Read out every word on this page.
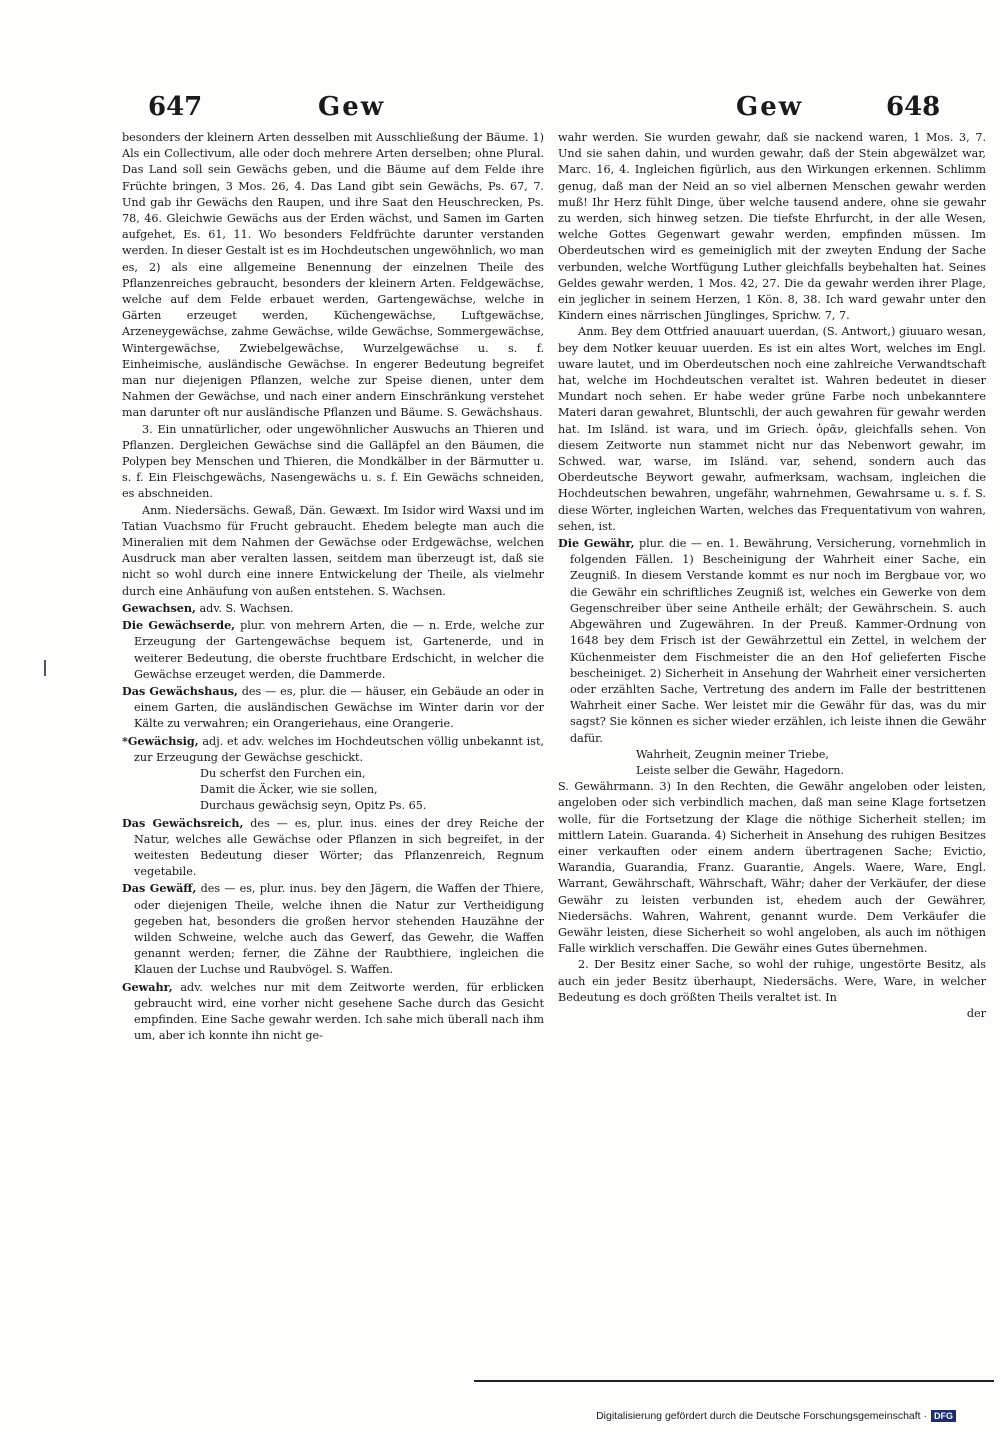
647	Gew	Gew	648

besonders der kleinern Arten desselben mit Ausschließung der Bäume. 1) Als ein Collectivum, alle oder doch mehrere Arten derselben; ohne Plural. Das Land soll sein Gewächs geben, und die Bäume auf dem Felde ihre Früchte bringen, 3 Mos. 26, 4. Das Land gibt sein Gewächs, Ps. 67, 7. Und gab ihr Gewächs den Raupen, und ihre Saat den Heuschrecken, Ps. 78, 46. Gleichwie Gewächs aus der Erden wächst, und Samen im Garten aufgehet, Es. 61, 11. Wo besonders Feldfrüchte darunter verstanden werden. In dieser Gestalt ist es im Hochdeutschen ungewöhnlich, wo man es, 2) als eine allgemeine Benennung der einzelnen Theile des Pflanzenreiches gebraucht, besonders der kleinern Arten. Feldgewächse, welche auf dem Felde erbauet werden, Gartengewächse, welche in Gärten erzeuget werden, Küchengewächse, Luftgewächse, Arzeneygewächse, zahme Gewächse, wilde Gewächse, Sommergewächse, Wintergewächse, Zwiebelgewächse, Wurzelgewächse u. s. f. Einheimische, ausländische Gewächse. In engerer Bedeutung begreifet man nur diejenigen Pflanzen, welche zur Speise dienen, unter dem Nahmen der Gewächse, und nach einer andern Einschränkung verstehet man darunter oft nur ausländische Pflanzen und Bäume. S. Gewächshaus.

3. Ein unnatürlicher, oder ungewöhnlicher Auswuchs an Thieren und Pflanzen. Dergleichen Gewächse sind die Galläpfel an den Bäumen, die Polypen bey Menschen und Thieren, die Mondkälber in der Bärmutter u. s. f. Ein Fleischgewächs, Nasengewächs u. s. f. Ein Gewächs schneiden, es abschneiden.

Anm. Niedersächs. Gewaß, Dän. Gewæxt. Im Isidor wird Waxsi und im Tatian Vuachsmo für Frucht gebraucht. Ehedem belegte man auch die Mineralien mit dem Nahmen der Gewächse oder Erdgewächse, welchen Ausdruck man aber veralten lassen, seitdem man überzeugt ist, daß sie nicht so wohl durch eine innere Entwickelung der Theile, als vielmehr durch eine Anhäufung von außen entstehen. S. Wachsen.

Gewachsen, adv. S. Wachsen.

Die Gewächserde, plur. von mehrern Arten, die — n. Erde, welche zur Erzeugung der Gartengewächse bequem ist, Gartenerde, und in weiterer Bedeutung, die oberste fruchtbare Erdschicht, in welcher die Gewächse erzeuget werden, die Dammerde.

Das Gewächshaus, des — es, plur. die — häuser, ein Gebäude an oder in einem Garten, die ausländischen Gewächse im Winter darin vor der Kälte zu verwahren; ein Orangeriehaus, eine Orangerie.

*Gewächsig, adj. et adv. welches im Hochdeutschen völlig unbekannt ist, zur Erzeugung der Gewächse geschickt.

Du scherfst den Furchen ein,

Damit die Äcker, wie sie sollen,

Durchaus gewächsig seyn, Opitz Ps. 65.

Das Gewächsreich, des — es, plur. inus. eines der drey Reiche der Natur, welches alle Gewächse oder Pflanzen in sich begreifet, in der weitesten Bedeutung dieser Wörter; das Pflanzenreich, Regnum vegetabile.

Das Gewäff, des — es, plur. inus. bey den Jägern, die Waffen der Thiere, oder diejenigen Theile, welche ihnen die Natur zur Vertheidigung gegeben hat, besonders die großen hervor stehenden Hauzähne der wilden Schweine, welche auch das Gewerf, das Gewehr, die Waffen genannt werden; ferner, die Zähne der Raubthiere, ingleichen die Klauen der Luchse und Raubvögel. S. Waffen.

Gewahr, adv. welches nur mit dem Zeitworte werden, für erblicken gebraucht wird, eine vorher nicht gesehene Sache durch das Gesicht empfinden. Eine Sache gewahr werden. Ich sahe mich überall nach ihm um, aber ich konnte ihn nicht ge-

wahr werden. Sie wurden gewahr, daß sie nackend waren, 1 Mos. 3, 7. Und sie sahen dahin, und wurden gewahr, daß der Stein abgewälzet war, Marc. 16, 4. Ingleichen figürlich, aus den Wirkungen erkennen. Schlimm genug, daß man der Neid an so viel albernen Menschen gewahr werden muß! Ihr Herz fühlt Dinge, über welche tausend andere, ohne sie gewahr zu werden, sich hinweg setzen. Die tiefste Ehrfurcht, in der alle Wesen, welche Gottes Gegenwart gewahr werden, empfinden müssen. Im Oberdeutschen wird es gemeiniglich mit der zweyten Endung der Sache verbunden, welche Wortfügung Luther gleichfalls beybehalten hat. Seines Geldes gewahr werden, 1 Mos. 42, 27. Die da gewahr werden ihrer Plage, ein jeglicher in seinem Herzen, 1 Kön. 8, 38. Ich ward gewahr unter den Kindern eines närrischen Jünglinges, Sprichw. 7, 7.

Anm. Bey dem Ottfried anauuart uuerdan, (S. Antwort,) giuuaro wesan, bey dem Notker keuuar uuerden. Es ist ein altes Wort, welches im Engl. uware lautet, und im Oberdeutschen noch eine zahlreiche Verwandtschaft hat, welche im Hochdeutschen veraltet ist. Wahren bedeutet in dieser Mundart noch sehen. Er habe weder grüne Farbe noch unbekanntere Materi daran gewahret, Bluntschli, der auch gewahren für gewahr werden hat. Im Isländ. ist wara, und im Griech. ὁρᾶν, gleichfalls sehen. Von diesem Zeitworte nun stammet nicht nur das Nebenwort gewahr, im Schwed. war, warse, im Isländ. var, sehend, sondern auch das Oberdeutsche Beywort gewahr, aufmerksam, wachsam, ingleichen die Hochdeutschen bewahren, ungefähr, wahrnehmen, Gewahrsame u. s. f. S. diese Wörter, ingleichen Warten, welches das Frequentativum von wahren, sehen, ist.

Die Gewähr, plur. die — en. 1. Bewährung, Versicherung, vornehmlich in folgenden Fällen. 1) Bescheinigung der Wahrheit einer Sache, ein Zeugniß. In diesem Verstande kommt es nur noch im Bergbaue vor, wo die Gewähr ein schriftliches Zeugniß ist, welches ein Gewerke von dem Gegenschreiber über seine Antheile erhält; der Gewährschein. S. auch Abgewähren und Zugewähren. In der Preuß. Kammer-Ordnung von 1648 bey dem Frisch ist der Gewährzettul ein Zettel, in welchem der Küchenmeister dem Fischmeister die an den Hof gelieferten Fische bescheiniget. 2) Sicherheit in Ansehung der Wahrheit einer versicherten oder erzählten Sache, Vertretung des andern im Falle der bestrittenen Wahrheit einer Sache. Wer leistet mir die Gewähr für das, was du mir sagst? Sie können es sicher wieder erzählen, ich leiste ihnen die Gewähr dafür.

Wahrheit, Zeugnin meiner Triebe,

Leiste selber die Gewähr, Hagedorn.

S. Gewährmann. 3) In den Rechten, die Gewähr angeloben oder leisten, angeloben oder sich verbindlich machen, daß man seine Klage fortsetzen wolle, für die Fortsetzung der Klage die nöthige Sicherheit stellen; im mittlern Latein. Guaranda. 4) Sicherheit in Ansehung des ruhigen Besitzes einer verkauften oder einem andern übertragenen Sache; Evictio, Warandia, Guarandia, Franz. Guarantie, Angels. Waere, Ware, Engl. Warrant, Gewährschaft, Währschaft, Währ; daher der Verkäufer, der diese Gewähr zu leisten verbunden ist, ehedem auch der Gewährer, Niedersächs. Wahren, Wahrent, genannt wurde. Dem Verkäufer die Gewähr leisten, diese Sicherheit so wohl angeloben, als auch im nöthigen Falle wirklich verschaffen. Die Gewähr eines Gutes übernehmen.

2. Der Besitz einer Sache, so wohl der ruhige, ungestörte Besitz, als auch ein jeder Besitz überhaupt, Niedersächs. Were, Ware, in welcher Bedeutung es doch größten Theils veraltet ist. In

der

Digitalisierung gefördert durch die Deutsche Forschungsgemeinschaft · DFG
